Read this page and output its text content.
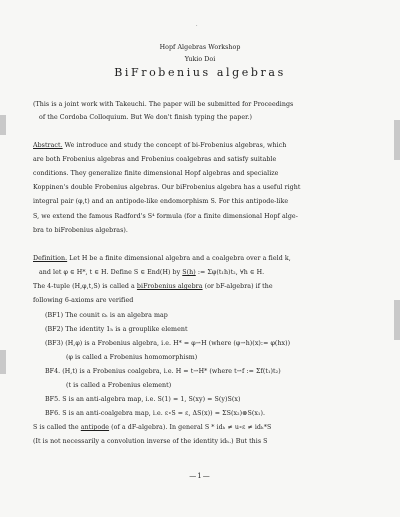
·
Hopf Algebras Workshop
Yukio Doi
BiFrobenius algebras
(This is a joint work with Takeuchi. The paper will be submitted for Proceedings
of the Cordoba Colloquium. But We don't finish typing the paper.)
Abstract. We introduce and study the concept of bi-Frobenius algebras, which
are both Frobenius algebras and Frobenius coalgebras and satisfy suitable
conditions. They generalize finite dimensional Hopf algebras and specialize
Koppinen's double Frobenius algebras. Our biFrobenius algebra has a useful right
integral pair (φ,t) and an antipode-like endomorphism S. For this antipode-like
S, we extend the famous Radford's S⁴ formula (for a finite dimensional Hopf alge-
bra to biFrobenius algebras).
Definition. Let H be a finite dimensional algebra and a coalgebra over a field k,
and let φ ∈ H*, t ∈ H. Define S ∈ End(H) by S(h) := Σφ(t₁h)t₂, ∀h ∈ H.
The 4-tuple (H,φ,t,S) is called a biFrobenius algebra (or bF-algebra) if the
following 6-axioms are verified
(BF1) The counit εₕ is an algebra map
(BF2) The identity 1ₕ is a grouplike element
(BF3) (H,φ) is a Frobenius algebra, i.e. H* = φ⇀H (where (φ⇀h)(x):= φ(hx))
(φ is called a Frobenius homomorphism)
BF4. (H,t) is a Frobenius coalgebra, i.e. H = t⇀H* (where t⇀f := Σf(t₁)t₂)
(t is called a Frobenius element)
BF5. S is an anti-algebra map, i.e. S(1) = 1, S(xy) = S(y)S(x)
BF6. S is an anti-coalgebra map, i.e. ε∘S = ε, ΔS(x)) = ΣS(x₂)⊗S(x₁).
S is called the antipode (of a dF-algebra). In general S * idₕ ≠ u∘ε ≠ idₕ*S
(It is not necessarily a convolution inverse of the identity idₕ.) But this S
—1—
